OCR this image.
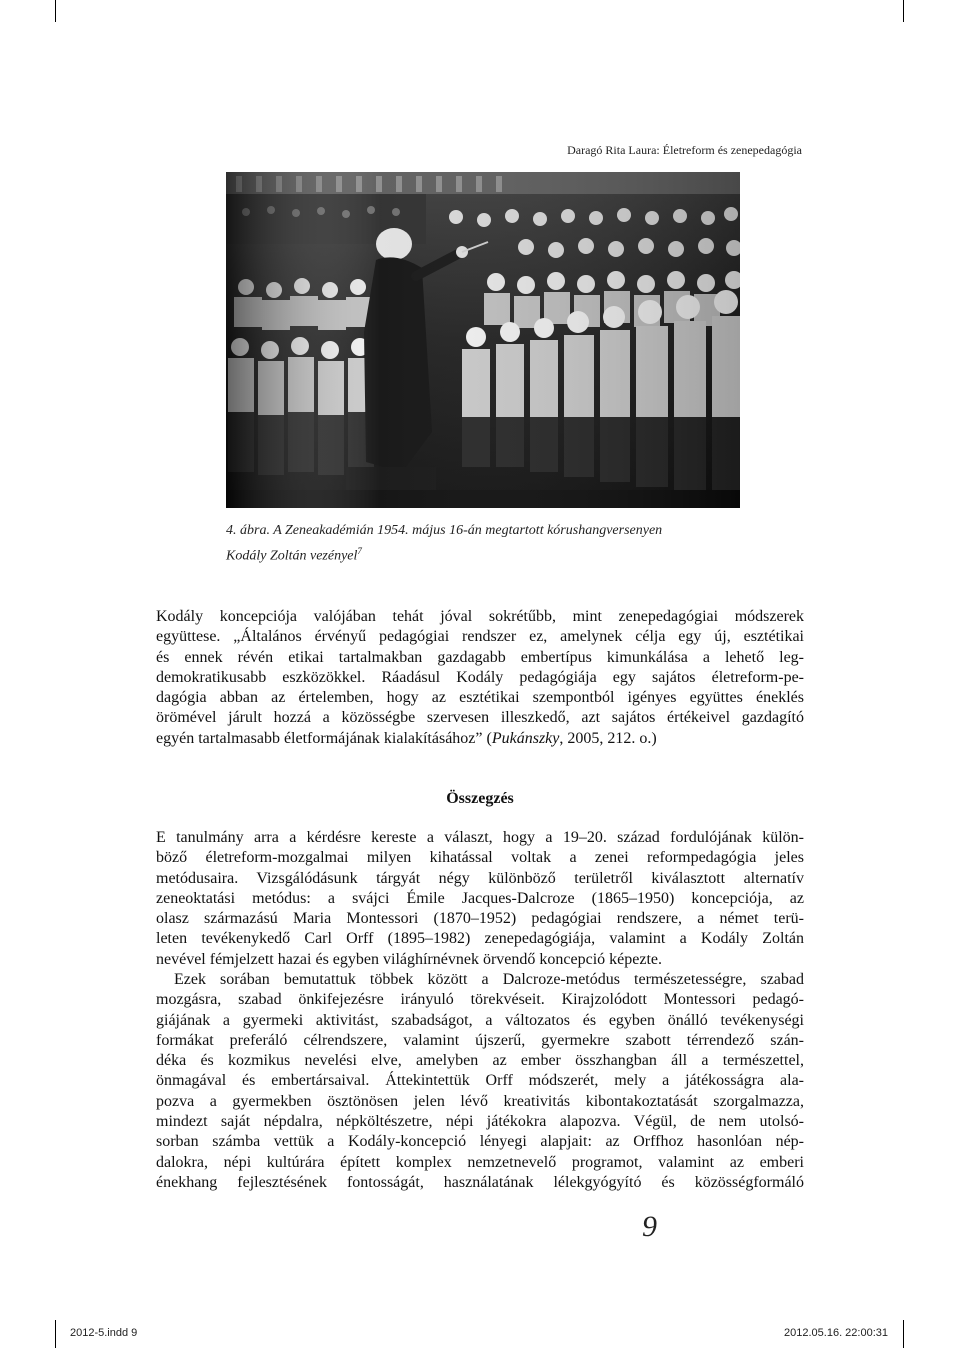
Daragó Rita Laura: Életreform és zenepedagógia
4. ábra. A Zeneakadémián 1954. május 16-án megtartott kórushangversenyen
Kodály Zoltán vezényel$^7$
Kodály koncepciója valójában tehát jóval sokrétűbb, mint zenepedagógiai módszerek
együttese. „Általános érvényű pedagógiai rendszer ez, amelynek célja egy új, esztétikai
és ennek révén etikai tartalmakban gazdagabb embertípus kimunkálása a lehető leg-
demokratikusabb eszközökkel. Ráadásul Kodály pedagógiája egy sajátos életreform-pe-
dagógia abban az értelemben, hogy az esztétikai szempontból igényes együttes éneklés
örömével járult hozzá a közösségbe szervesen illeszkedő, azt sajátos értékeivel gazdagító
egyén tartalmasabb életformájának kialakításához” (Pukánszky, 2005, 212. o.)
Összegzés
E tanulmány arra a kérdésre kereste a választ, hogy a 19–20. század fordulójának külön-
böző életreform-mozgalmai milyen kihatással voltak a zenei reformpedagógia jeles
metódusaira. Vizsgálódásunk tárgyát négy különböző területről kiválasztott alternatív
zeneoktatási metódus: a svájci Émile Jacques-Dalcroze (1865–1950) koncepciója, az
olasz származású Maria Montessori (1870–1952) pedagógiai rendszere, a német terü-
leten tevékenykedő Carl Orff (1895–1982) zenepedagógiája, valamint a Kodály Zoltán
nevével fémjelzett hazai és egyben világhírnévnek örvendő koncepció képezte.
Ezek sorában bemutattuk többek között a Dalcroze-metódus természetességre, szabad
mozgásra, szabad önkifejezésre irányuló törekvéseit. Kirajzolódott Montessori pedagó-
giájának a gyermeki aktivitást, szabadságot, a változatos és egyben önálló tevékenységi
formákat preferáló célrendszere, valamint újszerű, gyermekre szabott térrendező szán-
déka és kozmikus nevelési elve, amelyben az ember összhangban áll a természettel,
önmagával és embertársaival. Áttekintettük Orff módszerét, mely a játékosságra ala-
pozva a gyermekben ösztönösen jelen lévő kreativitás kibontakoztatását szorgalmazza,
mindezt saját népdalra, népköltészetre, népi játékokra alapozva. Végül, de nem utolsó-
sorban számba vettük a Kodály-koncepció lényegi alapjait: az Orffhoz hasonlóan nép-
dalokra, népi kultúrára épített komplex nemzetnevelő programot, valamint az emberi
énekhang fejlesztésének fontosságát, használatának lélekgyógyító és közösségformáló
9
2012-5.indd 9	2012.05.16. 22:00:31
